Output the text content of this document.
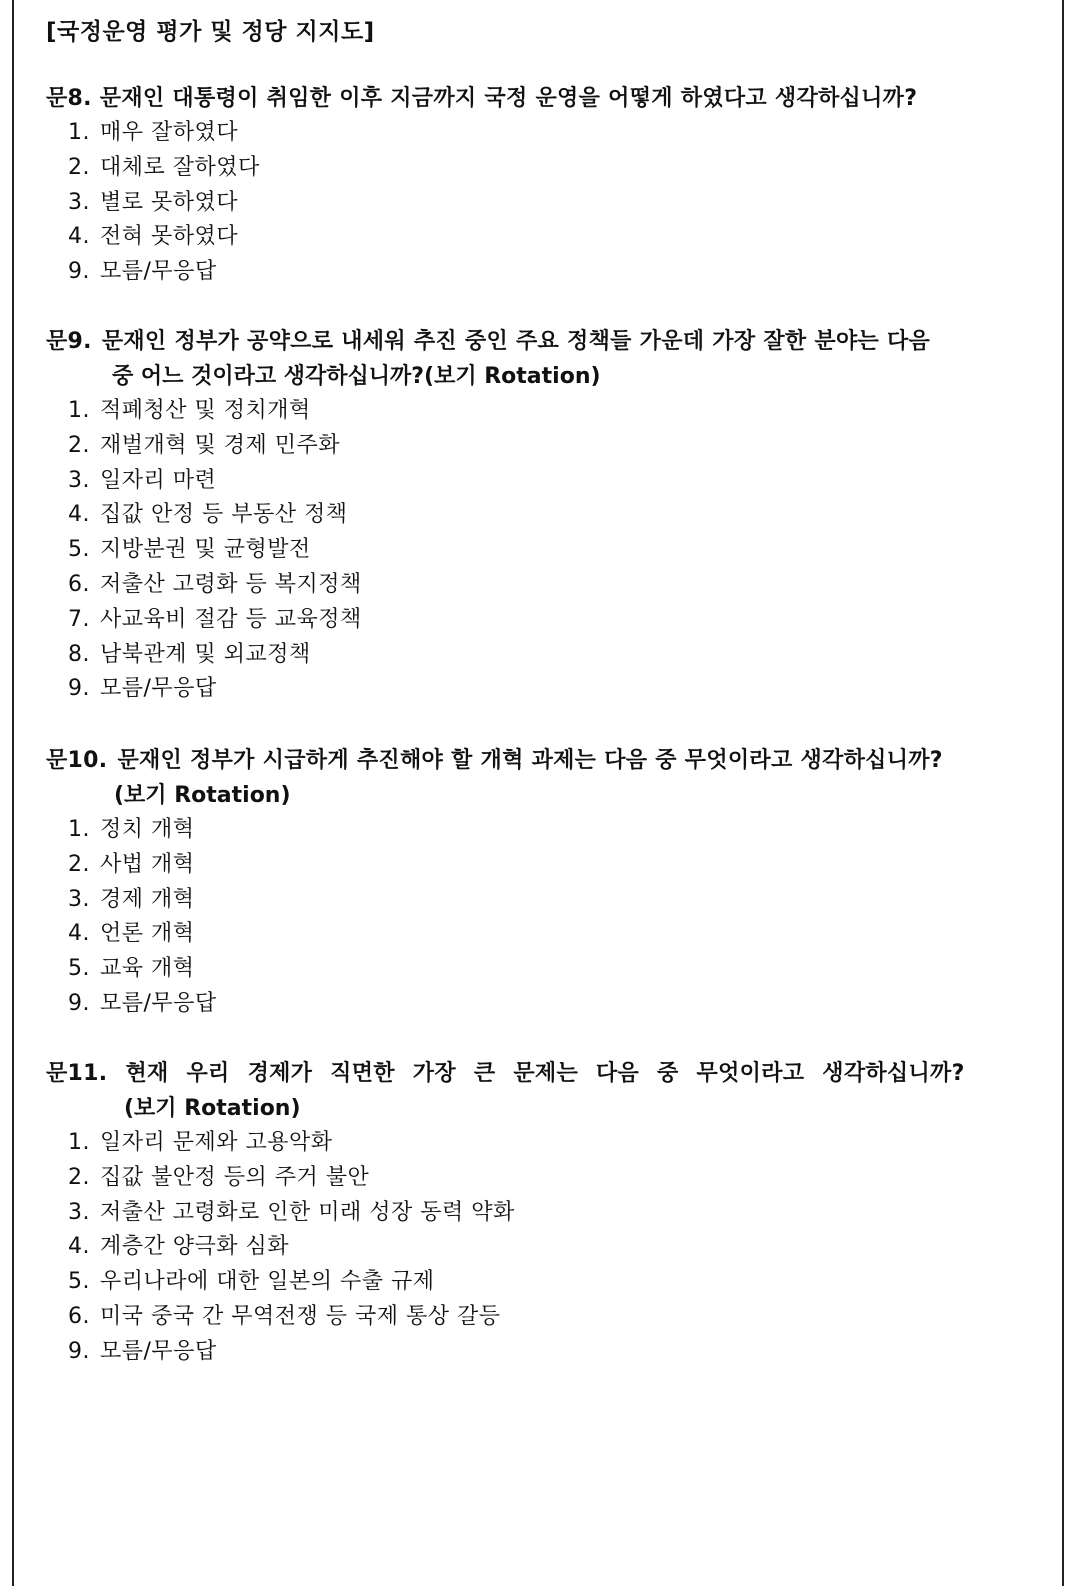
[국정운영 평가 및 정당 지지도]
문8. 문재인 대통령이 취임한 이후 지금까지 국정 운영을 어떻게 하였다고 생각하십니까?
1. 매우 잘하였다
2. 대체로 잘하였다
3. 별로 못하였다
4. 전혀 못하였다
9. 모름/무응답
문9. 문재인 정부가 공약으로 내세워 추진 중인 주요 정책들 가운데 가장 잘한 분야는 다음
중 어느 것이라고 생각하십니까?(보기 Rotation)
1. 적폐청산 및 정치개혁
2. 재벌개혁 및 경제 민주화
3. 일자리 마련
4. 집값 안정 등 부동산 정책
5. 지방분권 및 균형발전
6. 저출산 고령화 등 복지정책
7. 사교육비 절감 등 교육정책
8. 남북관계 및 외교정책
9. 모름/무응답
문10. 문재인 정부가 시급하게 추진해야 할 개혁 과제는 다음 중 무엇이라고 생각하십니까?
(보기 Rotation)
1. 정치 개혁
2. 사법 개혁
3. 경제 개혁
4. 언론 개혁
5. 교육 개혁
9. 모름/무응답
문11. 현재 우리 경제가 직면한 가장 큰 문제는 다음 중 무엇이라고 생각하십니까?
(보기 Rotation)
1. 일자리 문제와 고용악화
2. 집값 불안정 등의 주거 불안
3. 저출산 고령화로 인한 미래 성장 동력 약화
4. 계층간 양극화 심화
5. 우리나라에 대한 일본의 수출 규제
6. 미국 중국 간 무역전쟁 등 국제 통상 갈등
9. 모름/무응답
